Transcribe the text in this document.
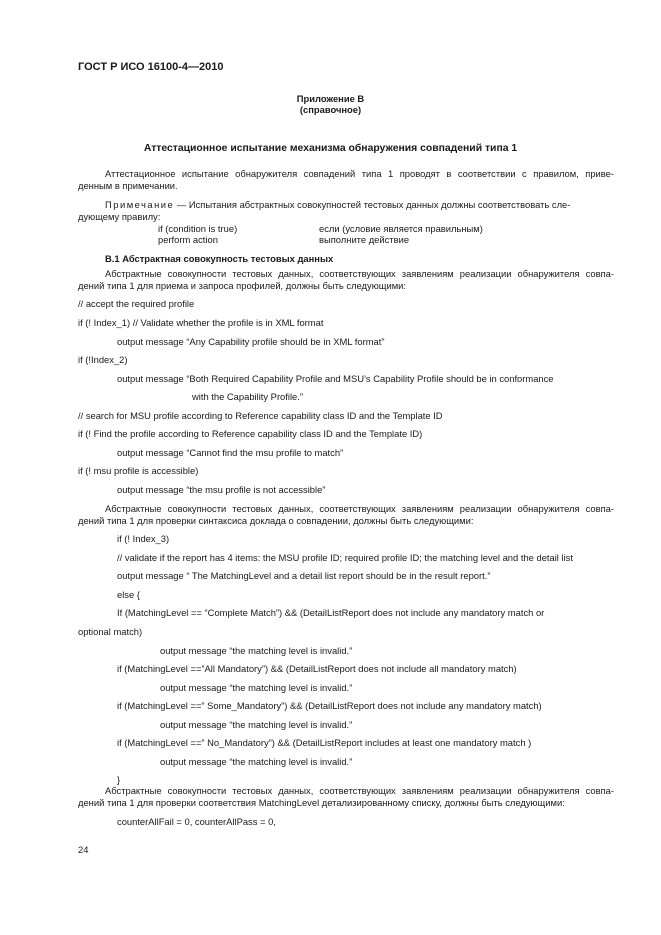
ГОСТ Р ИСО 16100-4—2010
Приложение В
(справочное)
Аттестационное испытание механизма обнаружения совпадений типа 1
Аттестационное испытание обнаружителя совпадений типа 1 проводят в соответствии с правилом, приве-
денным в примечании.
Примечание — Испытания абстрактных совокупностей тестовых данных должны соответствовать сле-
дующему правилу:
if (condition is true)	если (условие является правильным)
perform action	выполните действие
В.1 Абстрактная совокупность тестовых данных
Абстрактные совокупности тестовых данных, соответствующих заявлениям реализации обнаружителя совпа-
дений типа 1 для приема и запроса профилей, должны быть следующими:
// accept the required profile
if (! Index_1) // Validate whether the profile is in XML format
output message “Any Capability profile should be in XML format”
if (!Index_2)
output message “Both Required Capability Profile and MSU’s Capability Profile should be in conformance
with the Capability Profile.”
// search for MSU profile according to Reference capability class ID and the Template ID
if (! Find the profile according to Reference capability class ID and the Template ID)
output message “Cannot find the msu profile to match”
if (! msu profile is accessible)
output message “the msu profile is not accessible”
Абстрактные совокупности тестовых данных, соответствующих заявлениям реализации обнаружителя совпа-
дений типа 1 для проверки синтаксиса доклада о совпадении, должны быть следующими:
if (! Index_3)
// validate if the report has 4 items: the MSU profile ID; required profile ID; the matching level and the detail list
output message “ The MatchingLevel and a detail list report should be in the result report.”
else {
If (MatchingLevel == “Complete Match”) && (DetailListReport does not include any mandatory match or
optional match)
output message “the matching level is invalid.”
if (MatchingLevel ==”All Mandatory”) && (DetailListReport does not include all mandatory match)
output message “the matching level is invalid.”
if (MatchingLevel ==” Some_Mandatory”) && (DetailListReport does not include any mandatory match)
output message “the matching level is invalid.”
if (MatchingLevel ==” No_Mandatory”) && (DetailListReport includes at least one mandatory match )
output message “the matching level is invalid.”
}
Абстрактные совокупности тестовых данных, соответствующих заявлениям реализации обнаружителя совпа-
дений типа 1 для проверки соответствия MatchingLevel детализированному списку, должны быть следующими:
counterAllFail = 0, counterAllPass = 0,
24
